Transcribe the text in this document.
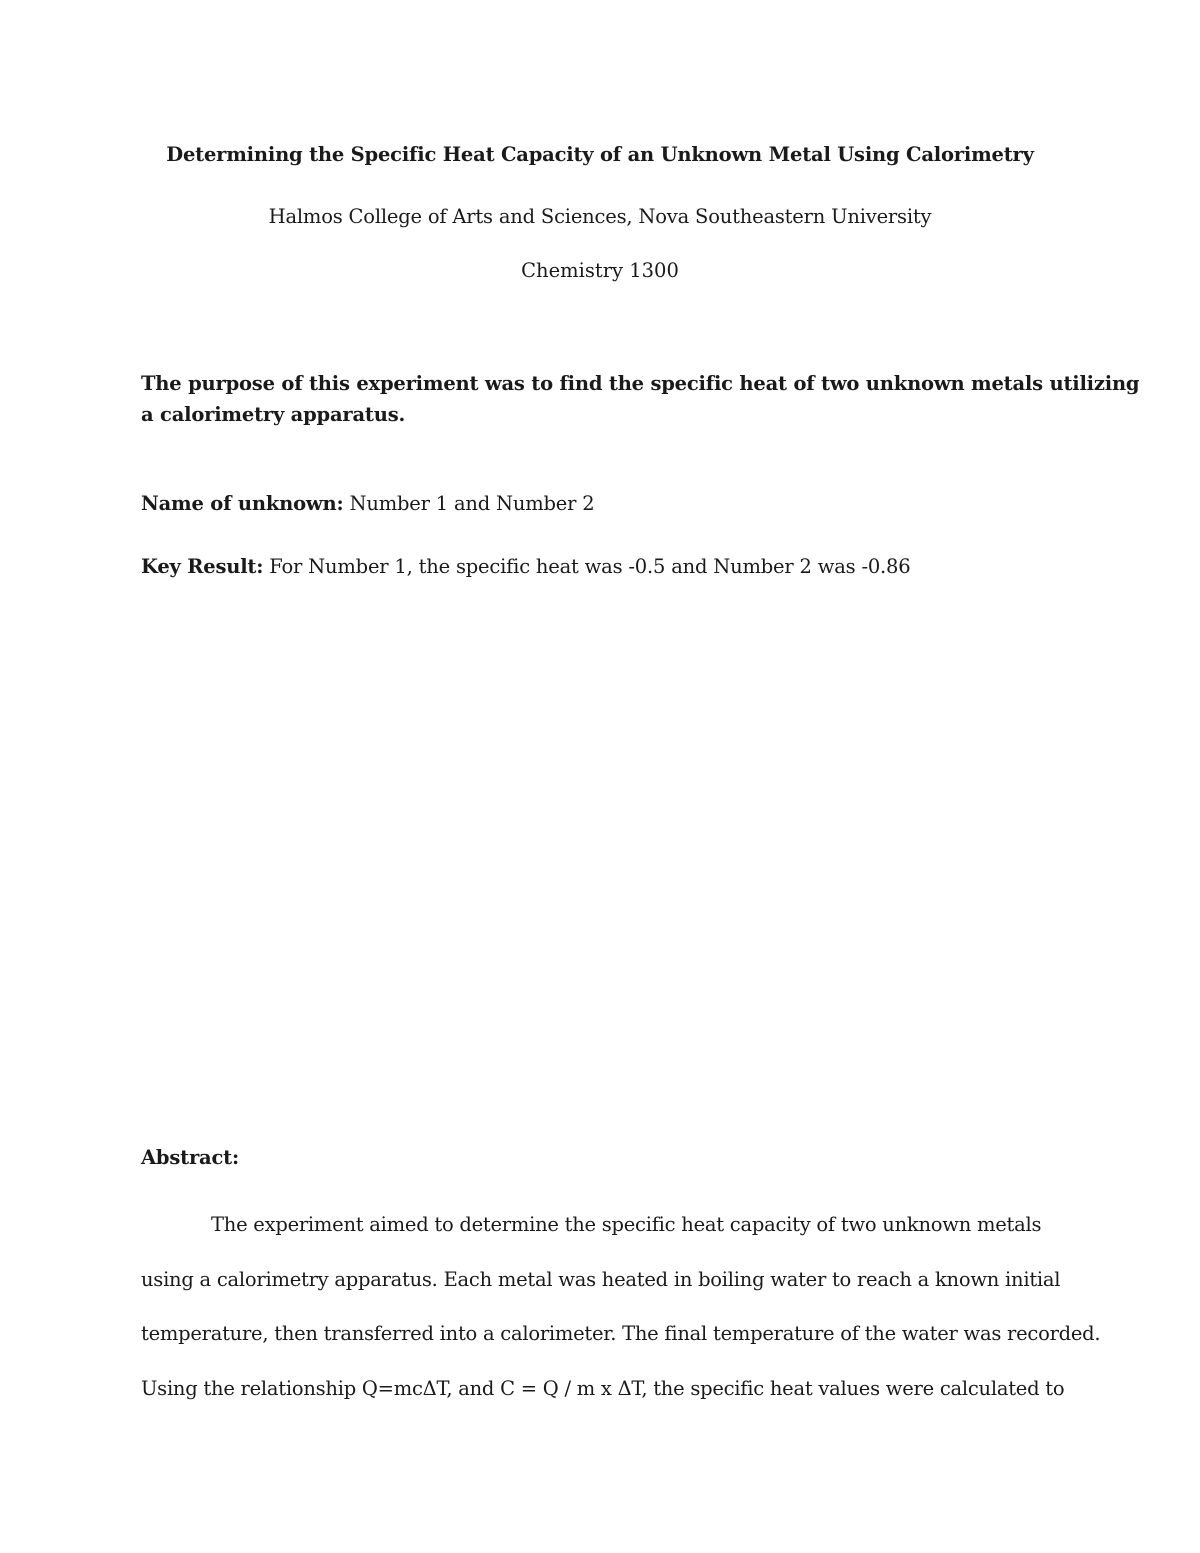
Determining the Specific Heat Capacity of an Unknown Metal Using Calorimetry
Halmos College of Arts and Sciences, Nova Southeastern University
Chemistry 1300
The purpose of this experiment was to find the specific heat of two unknown metals utilizing
a calorimetry apparatus.
Name of unknown: Number 1 and Number 2
Key Result: For Number 1, the specific heat was -0.5 and Number 2 was -0.86
Abstract:
The experiment aimed to determine the specific heat capacity of two unknown metals
using a calorimetry apparatus. Each metal was heated in boiling water to reach a known initial
temperature, then transferred into a calorimeter. The final temperature of the water was recorded.
Using the relationship Q=mcΔT, and C = Q / m x ΔT, the specific heat values were calculated to
